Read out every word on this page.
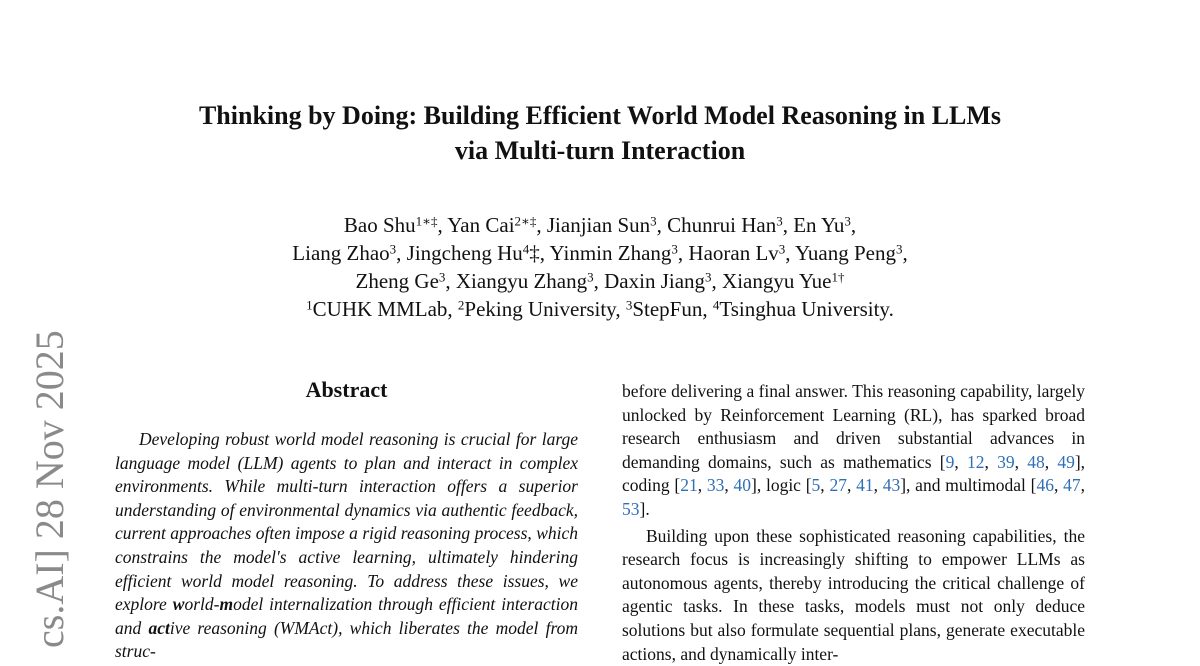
cs.AI] 28 Nov 2025
Thinking by Doing: Building Efficient World Model Reasoning in LLMs
via Multi-turn Interaction
Bao Shu$^{1∗\ddagger}$, Yan Cai$^{2∗\ddagger}$, Jianjian Sun$^3$, Chunrui Han$^3$, En Yu$^3$,
Liang Zhao$^3$, Jingcheng Hu$^4$‡, Yinmin Zhang$^3$, Haoran Lv$^3$, Yuang Peng$^3$,
Zheng Ge$^3$, Xiangyu Zhang$^3$, Daxin Jiang$^3$, Xiangyu Yue$^{1\dagger}$
$^1$CUHK MMLab, $^2$Peking University, $^3$StepFun, $^4$Tsinghua University.
Abstract

Developing robust world model reasoning is crucial for large language model (LLM) agents to plan and interact in complex environments. While multi-turn interaction offers a superior understanding of environmental dynamics via authentic feedback, current approaches often impose a rigid reasoning process, which constrains the model's active learning, ultimately hindering efficient world model reasoning. To address these issues, we explore world-model internalization through efficient interaction and active reasoning (WMAct), which liberates the model from struc-

before delivering a final answer. This reasoning capability, largely unlocked by Reinforcement Learning (RL), has sparked broad research enthusiasm and driven substantial advances in demanding domains, such as mathematics [9, 12, 39, 48, 49], coding [21, 33, 40], logic [5, 27, 41, 43], and multimodal [46, 47, 53].

Building upon these sophisticated reasoning capabilities, the research focus is increasingly shifting to empower LLMs as autonomous agents, thereby introducing the critical challenge of agentic tasks. In these tasks, models must not only deduce solutions but also formulate sequential plans, generate executable actions, and dynamically inter-
